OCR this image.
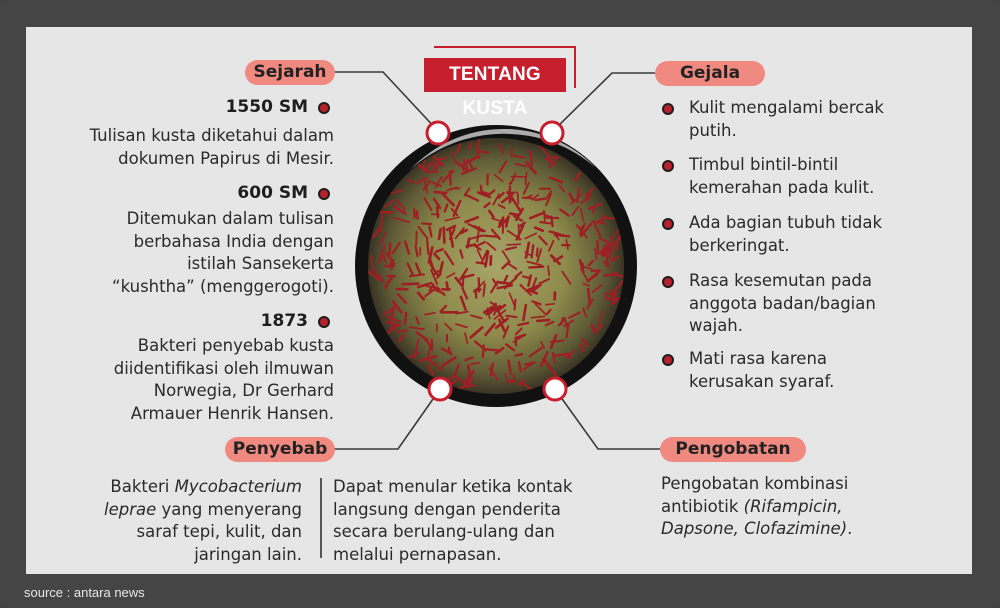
TENTANG KUSTA
Sejarah
1550 SM
Tulisan kusta diketahui dalam
dokumen Papirus di Mesir.
600 SM
Ditemukan dalam tulisan
berbahasa India dengan
istilah Sansekerta
“kushtha” (menggerogoti).
1873
Bakteri penyebab kusta
diidentifikasi oleh ilmuwan
Norwegia, Dr Gerhard
Armauer Henrik Hansen.
Gejala
Kulit mengalami bercak
putih.
Timbul bintil-bintil
kemerahan pada kulit.
Ada bagian tubuh tidak
berkeringat.
Rasa kesemutan pada
anggota badan/bagian
wajah.
Mati rasa karena
kerusakan syaraf.
Penyebab
Bakteri Mycobacterium
leprae yang menyerang
saraf tepi, kulit, dan
jaringan lain.
Dapat menular ketika kontak
langsung dengan penderita
secara berulang-ulang dan
melalui pernapasan.
Pengobatan
Pengobatan kombinasi
antibiotik (Rifampicin,
Dapsone, Clofazimine).
source : antara news
